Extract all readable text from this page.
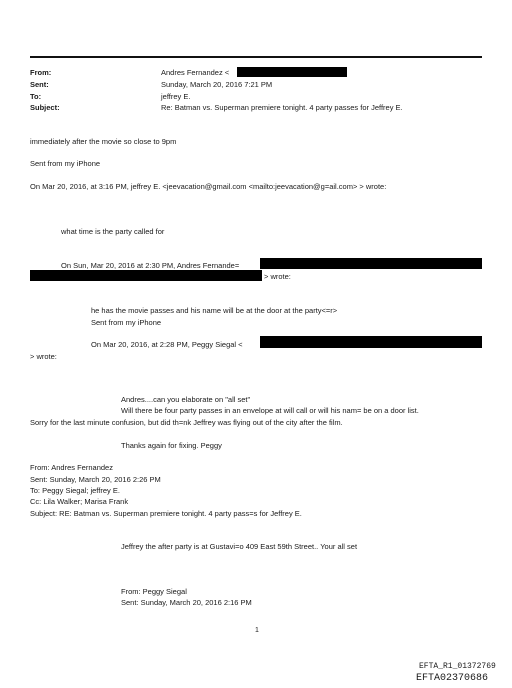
From:	Andres Fernandez <
Sent:	Sunday, March 20, 2016 7:21 PM
To:	jeffrey E.
Subject:	Re: Batman vs. Superman premiere tonight. 4 party passes for Jeffrey E.
immediately after the movie so close to 9pm
Sent from my iPhone
On Mar 20, 2016, at 3:16 PM, jeffrey E. <jeevacation@gmail.com <mailto:jeevacation@g=ail.com> > wrote:
what time is the party called for
On Sun, Mar 20, 2016 at 2:30 PM, Andres Fernande=
> wrote:
he has the movie passes and his name will be at the door at the party<=r>
Sent from my iPhone
On Mar 20, 2016, at 2:28 PM, Peggy Siegal <
> wrote:
Andres....can you elaborate on "all set"
Will there be four party passes in an envelope at will call or will his nam= be on a door list.
Sorry for the last minute confusion, but did th=nk Jeffrey was flying out of the city after the film.
Thanks again for fixing. Peggy
From: Andres Fernandez
Sent: Sunday, March 20, 2016 2:26 PM
To: Peggy Siegal; jeffrey E.
Cc: Lila Walker; Marisa Frank
Subject: RE: Batman vs. Superman premiere tonight. 4 party pass=s for Jeffrey E.
Jeffrey the after party is at Gustavi=o 409 East 59th Street.. Your all set
From: Peggy Siegal
Sent: Sunday, March 20, 2016 2:16 PM
1
EFTA_R1_01372769
EFTA02370686
